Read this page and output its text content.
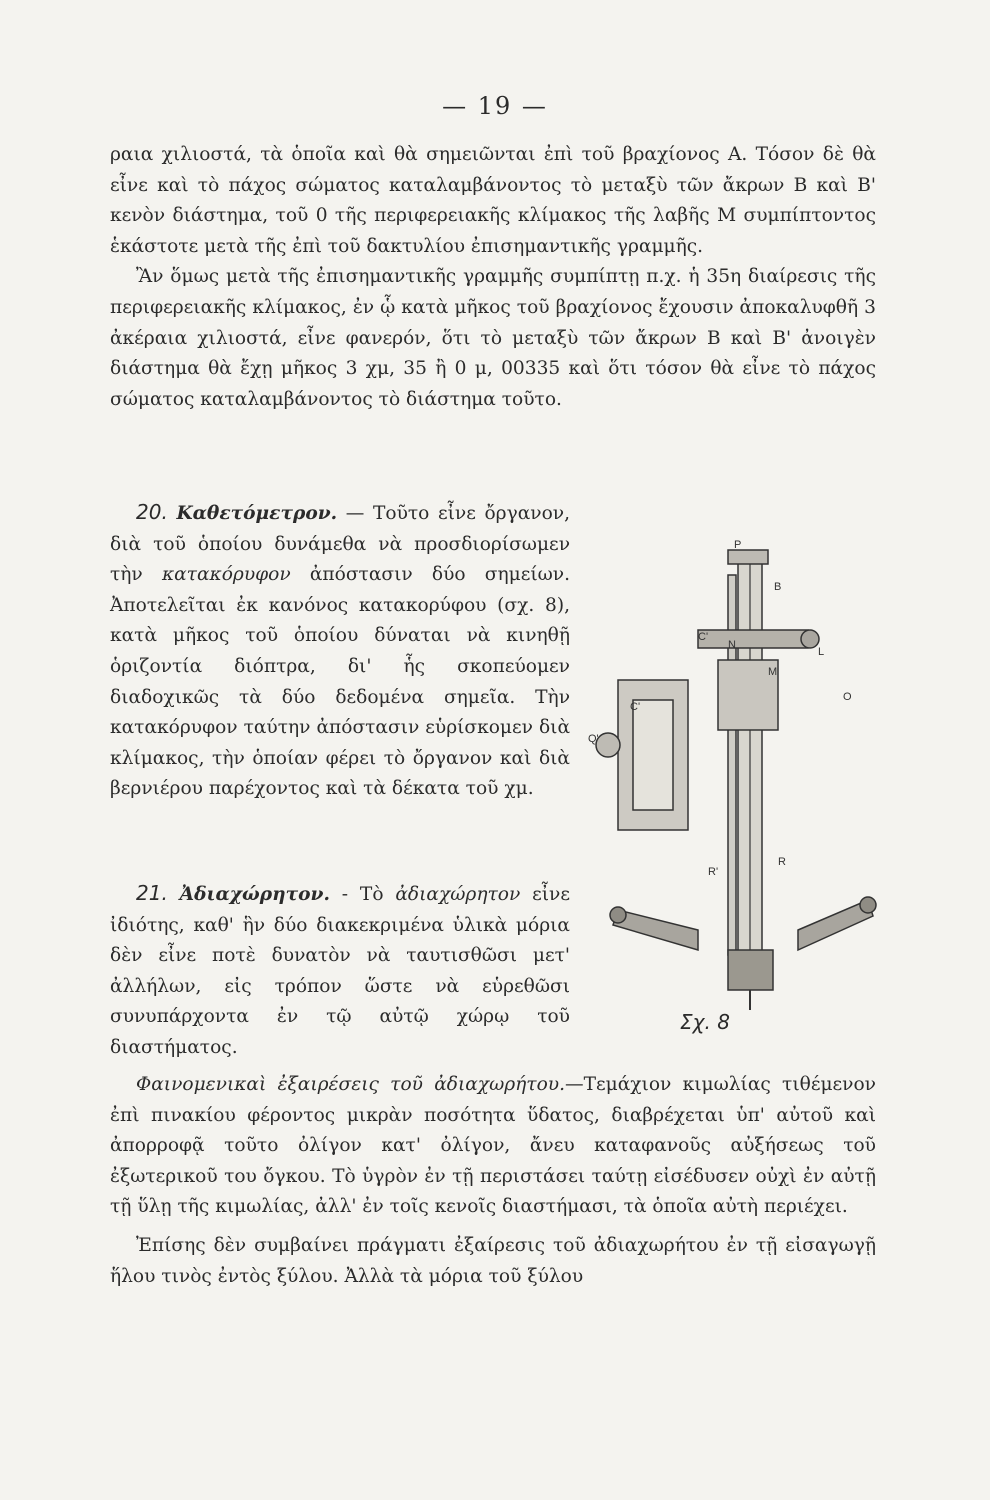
— 19 —

ραια χιλιοστά, τὰ ὁποῖα καὶ θὰ σημειῶνται ἐπὶ τοῦ βραχίονος Α. Τόσον δὲ θὰ εἶνε καὶ τὸ πάχος σώματος καταλαμβάνοντος τὸ μεταξὺ τῶν ἄκρων Β καὶ Β' κενὸν διάστημα, τοῦ 0 τῆς περιφερειακῆς κλίμακος τῆς λαβῆς Μ συμπίπτοντος ἑκάστοτε μετὰ τῆς ἐπὶ τοῦ δακτυλίου ἐπισημαντικῆς γραμμῆς.

Ἂν ὅμως μετὰ τῆς ἐπισημαντικῆς γραμμῆς συμπίπτῃ π.χ. ἡ 35η διαίρεσις τῆς περιφερειακῆς κλίμακος, ἐν ᾧ κατὰ μῆκος τοῦ βραχίονος ἔχουσιν ἀποκαλυφθῆ 3 ἀκέραια χιλιοστά, εἶνε φανερόν, ὅτι τὸ μεταξὺ τῶν ἄκρων Β καὶ Β' ἀνοιγὲν διάστημα θὰ ἔχῃ μῆκος 3 χμ, 35 ἢ 0 μ, 00335 καὶ ὅτι τόσον θὰ εἶνε τὸ πάχος σώματος καταλαμβάνοντος τὸ διάστημα τοῦτο.

20. Καθετόμετρον. — Τοῦτο εἶνε ὄργανον, διὰ τοῦ ὁποίου δυνάμεθα νὰ προσδιορίσωμεν τὴν κατακόρυφον ἀπόστασιν δύο σημείων. Ἀποτελεῖται ἐκ κανόνος κατακορύφου (σχ. 8), κατὰ μῆκος τοῦ ὁποίου δύναται νὰ κινηθῇ ὁριζοντία διόπτρα, δι' ἧς σκοπεύομεν διαδοχικῶς τὰ δύο δεδομένα σημεῖα. Τὴν κατακόρυφον ταύτην ἀπόστασιν εὑρίσκομεν διὰ κλίμακος, τὴν ὁποίαν φέρει τὸ ὄργανον καὶ διὰ βερνιέρου παρέχοντος καὶ τὰ δέκατα τοῦ χμ.

21. Ἀδιαχώρητον. - Τὸ ἀδιαχώρητον εἶνε ἰδιότης, καθ' ἣν δύο διακεκριμένα ὑλικὰ μόρια δὲν εἶνε ποτὲ δυνατὸν νὰ ταυτισθῶσι μετ' ἀλλήλων, εἰς τρόπον ὥστε νὰ εὑρεθῶσι συνυπάρχοντα ἐν τῷ αὐτῷ χώρῳ τοῦ διαστήματος.

P
B
C'
N
L
M
O
C'
Q'
R'
R
Σχ. 8

Φαινομενικαὶ ἐξαιρέσεις τοῦ ἀδιαχωρήτου.—Τεμάχιον κιμωλίας τιθέμενον ἐπὶ πινακίου φέροντος μικρὰν ποσότητα ὕδατος, διαβρέχεται ὑπ' αὐτοῦ καὶ ἀπορροφᾷ τοῦτο ὀλίγον κατ' ὀλίγον, ἄνευ καταφανοῦς αὐξήσεως τοῦ ἐξωτερικοῦ του ὄγκου. Τὸ ὑγρὸν ἐν τῇ περιστάσει ταύτῃ εἰσέδυσεν οὐχὶ ἐν αὐτῇ τῇ ὕλῃ τῆς κιμωλίας, ἀλλ' ἐν τοῖς κενοῖς διαστήμασι, τὰ ὁποῖα αὐτὴ περιέχει.

Ἐπίσης δὲν συμβαίνει πράγματι ἐξαίρεσις τοῦ ἀδιαχωρήτου ἐν τῇ εἰσαγωγῇ ἥλου τινὸς ἐντὸς ξύλου. Ἀλλὰ τὰ μόρια τοῦ ξύλου
